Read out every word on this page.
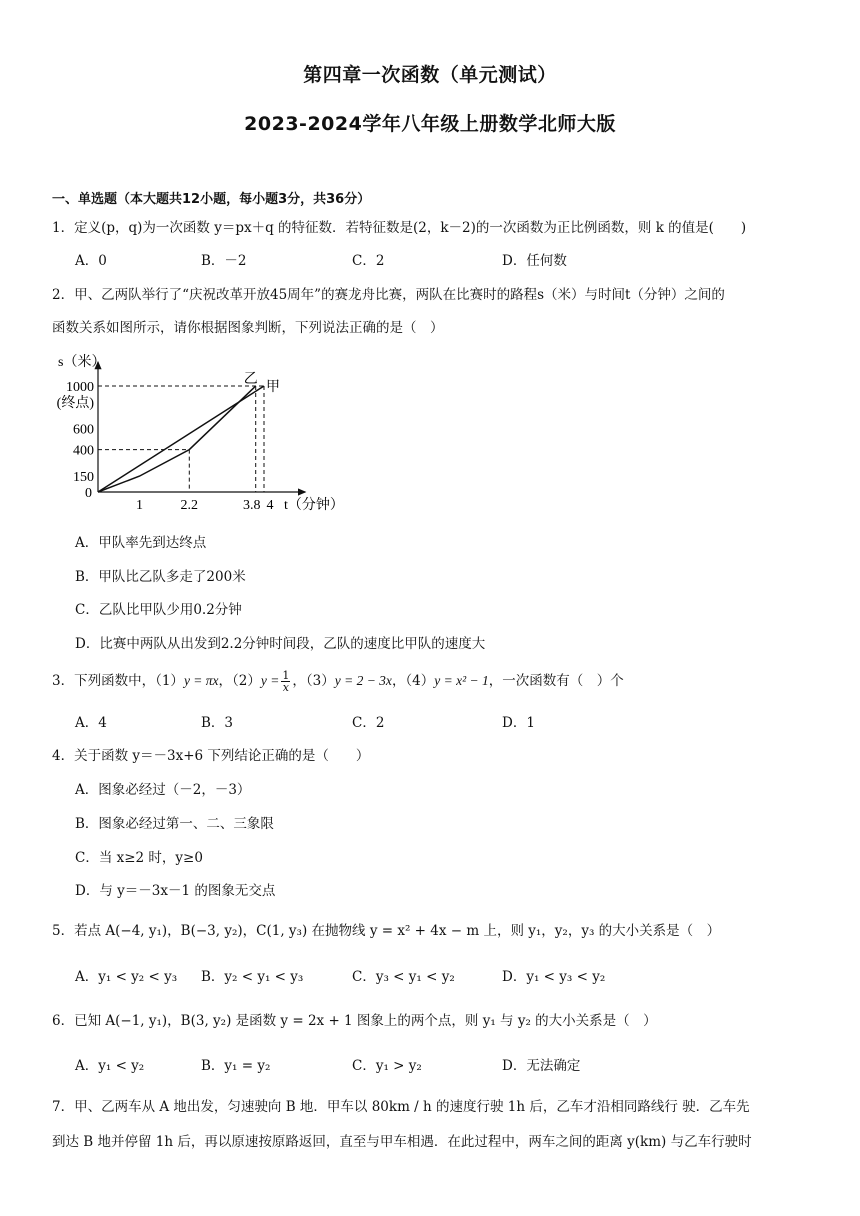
第四章一次函数（单元测试）
2023-2024学年八年级上册数学北师大版
一、单选题（本大题共12小题，每小题3分，共36分）
1．定义(p，q)为一次函数 y＝px＋q 的特征数．若特征数是(2，k－2)的一次函数为正比例函数，则 k 的值是(　　)
A．0	B．－2	C．2	D．任何数
2．甲、乙两队举行了“庆祝改革开放45周年”的赛龙舟比赛，两队在比赛时的路程s（米）与时间t（分钟）之间的
函数关系如图所示，请你根据图象判断，下列说法正确的是（　）
1000
600
400
150
(终点)
0
1	2.2	3.8 4
s（米）
t（分钟）
乙
甲
A．甲队率先到达终点
B．甲队比乙队多走了200米
C．乙队比甲队少用0.2分钟
D．比赛中两队从出发到2.2分钟时间段，乙队的速度比甲队的速度大
3．下列函数中，（1）y = πx，$(2)y = \frac{1}{x}$ ，（3）y = 2 − 3x，（4）y = x² − 1，一次函数有（　）个
A．4	B．3	C．2	D．1
4．关于函数 y＝－3x+6 下列结论正确的是（　　）
A．图象必经过（－2，－3）
B．图象必经过第一、二、三象限
C．当 x≥2 时，y≥0
D．与 y＝－3x－1 的图象无交点
5．若点 A(−4, y₁)，B(−3, y₂)，C(1, y₃) 在抛物线 y = x² + 4x − m 上，则 y₁，y₂，y₃ 的大小关系是（　）
A．y₁ < y₂ < y₃ B．y₂ < y₁ < y₃	C．y₃ < y₁ < y₂	D．y₁ < y₃ < y₂
6．已知 A(−1, y₁)，B(3, y₂) 是函数 y = 2x + 1 图象上的两个点，则 y₁ 与 y₂ 的大小关系是（　）
A．y₁ < y₂	B．y₁ = y₂	C．y₁ > y₂	D．无法确定
7．甲、乙两车从 A 地出发，匀速驶向 B 地．甲车以 80km / h 的速度行驶 1h 后，乙车才沿相同路线行 驶．乙车先
到达 B 地并停留 1h 后，再以原速按原路返回，直至与甲车相遇．在此过程中，两车之间的距离 y(km) 与乙车行驶时
